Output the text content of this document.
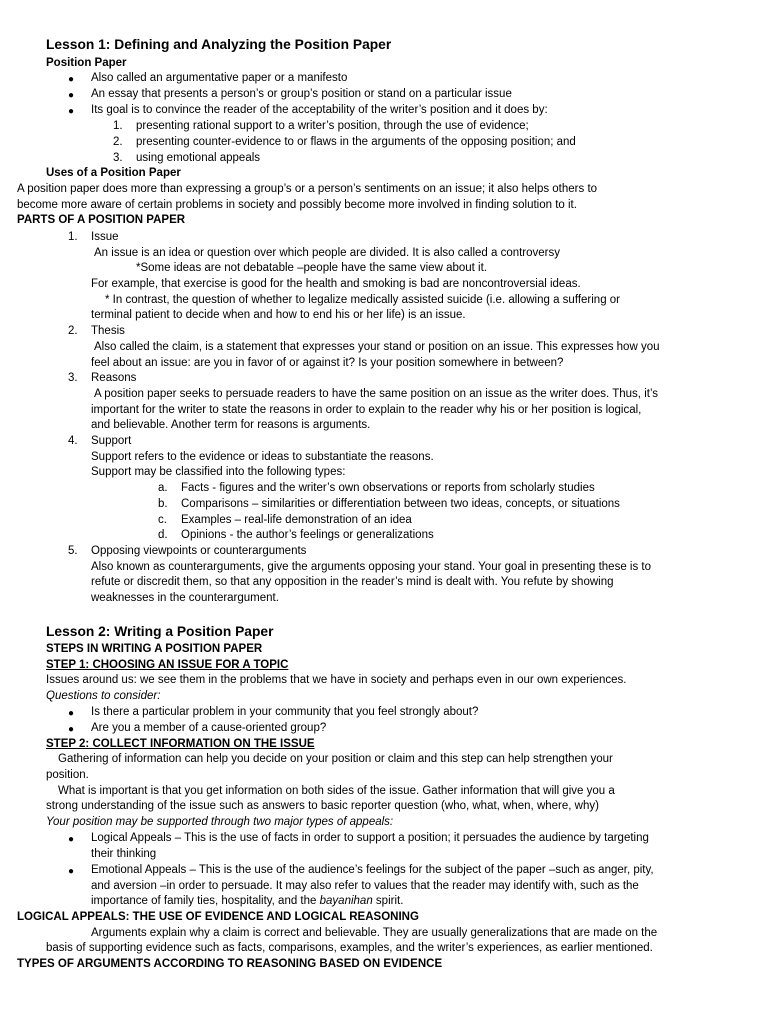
Lesson 1: Defining and Analyzing the Position Paper
Position Paper
● Also called an argumentative paper or a manifesto
● An essay that presents a person’s or group’s position or stand on a particular issue
● Its goal is to convince the reader of the acceptability of the writer’s position and it does by:
1. presenting rational support to a writer’s position, through the use of evidence;
2. presenting counter-evidence to or flaws in the arguments of the opposing position; and
3. using emotional appeals
Uses of a Position Paper
A position paper does more than expressing a group’s or a person’s sentiments on an issue; it also helps others to
become more aware of certain problems in society and possibly become more involved in finding solution to it.
PARTS OF A POSITION PAPER
1. Issue
An issue is an idea or question over which people are divided. It is also called a controversy
*Some ideas are not debatable –people have the same view about it.
For example, that exercise is good for the health and smoking is bad are noncontroversial ideas.
* In contrast, the question of whether to legalize medically assisted suicide (i.e. allowing a suffering or
terminal patient to decide when and how to end his or her life) is an issue.
2. Thesis
Also called the claim, is a statement that expresses your stand or position on an issue. This expresses how you
feel about an issue: are you in favor of or against it? Is your position somewhere in between?
3. Reasons
A position paper seeks to persuade readers to have the same position on an issue as the writer does. Thus, it’s
important for the writer to state the reasons in order to explain to the reader why his or her position is logical,
and believable. Another term for reasons is arguments.
4. Support
Support refers to the evidence or ideas to substantiate the reasons.
Support may be classified into the following types:
a. Facts - figures and the writer’s own observations or reports from scholarly studies
b. Comparisons – similarities or differentiation between two ideas, concepts, or situations
c. Examples – real-life demonstration of an idea
d. Opinions - the author’s feelings or generalizations
5. Opposing viewpoints or counterarguments
Also known as counterarguments, give the arguments opposing your stand. Your goal in presenting these is to
refute or discredit them, so that any opposition in the reader’s mind is dealt with. You refute by showing
weaknesses in the counterargument.
Lesson 2: Writing a Position Paper
STEPS IN WRITING A POSITION PAPER
STEP 1: CHOOSING AN ISSUE FOR A TOPIC
Issues around us: we see them in the problems that we have in society and perhaps even in our own experiences.
Questions to consider:
● Is there a particular problem in your community that you feel strongly about?
● Are you a member of a cause-oriented group?
STEP 2: COLLECT INFORMATION ON THE ISSUE
Gathering of information can help you decide on your position or claim and this step can help strengthen your
position.
What is important is that you get information on both sides of the issue. Gather information that will give you a
strong understanding of the issue such as answers to basic reporter question (who, what, when, where, why)
Your position may be supported through two major types of appeals:
● Logical Appeals – This is the use of facts in order to support a position; it persuades the audience by targeting
their thinking
● Emotional Appeals – This is the use of the audience’s feelings for the subject of the paper –such as anger, pity,
and aversion –in order to persuade. It may also refer to values that the reader may identify with, such as the
importance of family ties, hospitality, and the bayanihan spirit.
LOGICAL APPEALS: THE USE OF EVIDENCE AND LOGICAL REASONING
Arguments explain why a claim is correct and believable. They are usually generalizations that are made on the
basis of supporting evidence such as facts, comparisons, examples, and the writer’s experiences, as earlier mentioned.
TYPES OF ARGUMENTS ACCORDING TO REASONING BASED ON EVIDENCE
